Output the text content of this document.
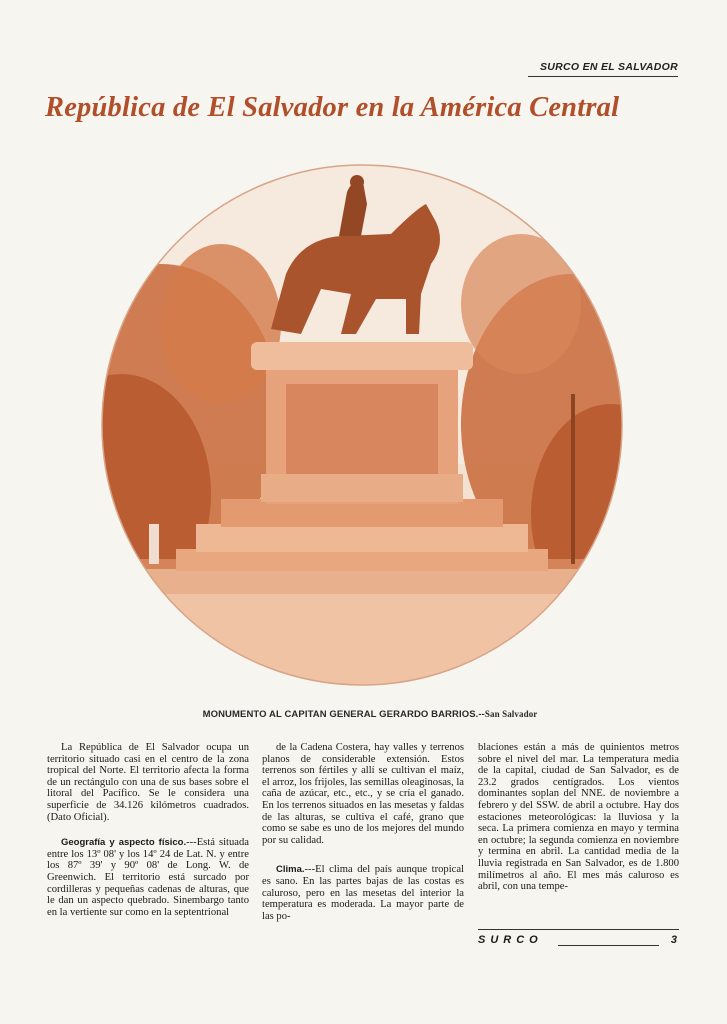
SURCO EN EL SALVADOR
República de El Salvador en la América Central
MONUMENTO AL CAPITAN GENERAL GERARDO BARRIOS.--San Salvador

La República de El Salvador ocupa un territorio situado casi en el centro de la zona tropical del Norte. El territorio afecta la forma de un rectángulo con una de sus bases sobre el litoral del Pacífico. Se le considera una superficie de 34.126 kilómetros cuadrados. (Dato Oficial).

Geografía y aspecto físico.---Está situada entre los 13º 08' y los 14º 24 de Lat. N. y entre los 87º 39' y 90º 08' de Long. W. de Greenwich. El territorio está surcado por cordilleras y pequeñas cadenas de alturas, que le dan un aspecto quebrado. Sinembargo tanto en la vertiente sur como en la septentrional

de la Cadena Costera, hay valles y terrenos planos de considerable extensión. Estos terrenos son fértiles y allí se cultivan el maíz, el arroz, los frijoles, las semillas oleaginosas, la caña de azúcar, etc., etc., y se cría el ganado. En los terrenos situados en las mesetas y faldas de las alturas, se cultiva el café, grano que como se sabe es uno de los mejores del mundo por su calidad.

Clima.---El clima del país aunque tropical es sano. En las partes bajas de las costas es caluroso, pero en las mesetas del interior la temperatura es moderada. La mayor parte de las po-

blaciones están a más de quinientos metros sobre el nivel del mar. La temperatura media de la capital, ciudad de San Salvador, es de 23.2 grados centígrados. Los vientos dominantes soplan del NNE. de noviembre a febrero y del SSW. de abril a octubre. Hay dos estaciones meteorológicas: la lluviosa y la seca. La primera comienza en mayo y termina en octubre; la segunda comienza en noviembre y termina en abril. La cantidad media de la lluvia registrada en San Salvador, es de 1.800 milímetros al año. El mes más caluroso es abril, con una tempe-

SURCO	3
